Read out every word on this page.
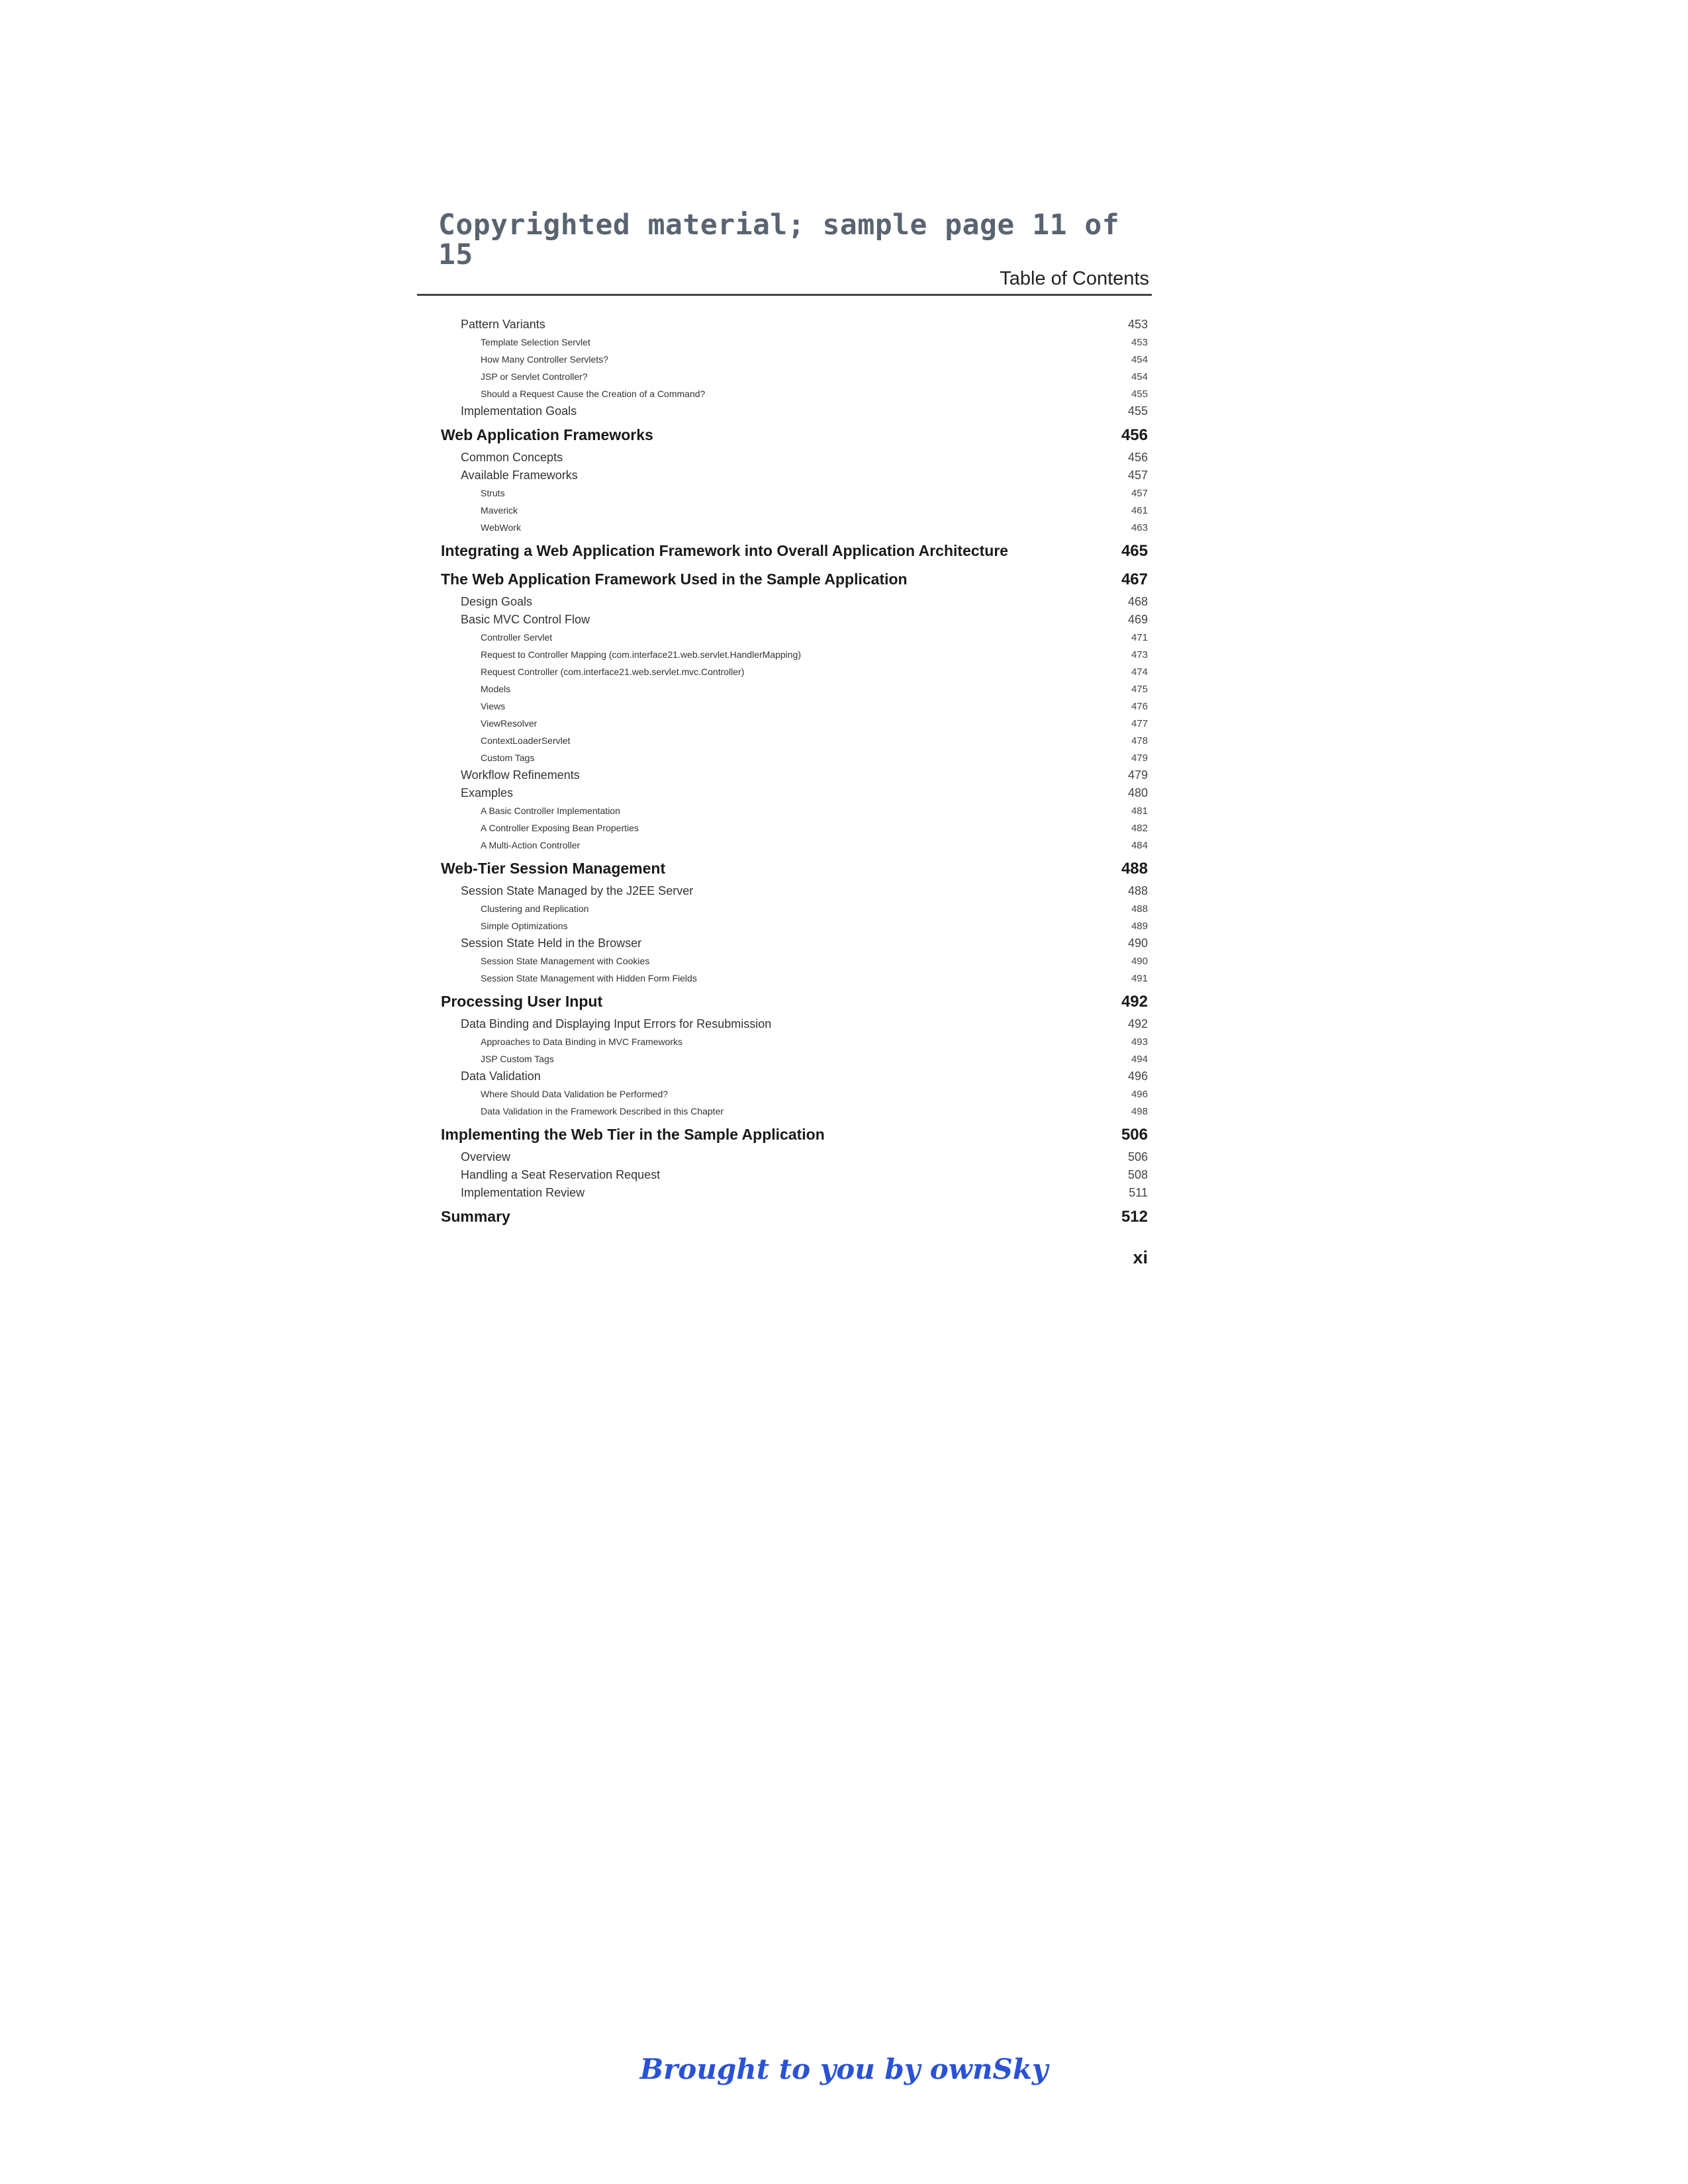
Copyrighted material; sample page 11 of 15
Table of Contents
Pattern Variants	453
Template Selection Servlet	453
How Many Controller Servlets?	454
JSP or Servlet Controller?	454
Should a Request Cause the Creation of a Command?	455
Implementation Goals	455
Web Application Frameworks	456
Common Concepts	456
Available Frameworks	457
Struts	457
Maverick	461
WebWork	463
Integrating a Web Application Framework into Overall Application Architecture	465
The Web Application Framework Used in the Sample Application	467
Design Goals	468
Basic MVC Control Flow	469
Controller Servlet	471
Request to Controller Mapping (com.interface21.web.servlet.HandlerMapping)	473
Request Controller (com.interface21.web.servlet.mvc.Controller)	474
Models	475
Views	476
ViewResolver	477
ContextLoaderServlet	478
Custom Tags	479
Workflow Refinements	479
Examples	480
A Basic Controller Implementation	481
A Controller Exposing Bean Properties	482
A Multi-Action Controller	484
Web-Tier Session Management	488
Session State Managed by the J2EE Server	488
Clustering and Replication	488
Simple Optimizations	489
Session State Held in the Browser	490
Session State Management with Cookies	490
Session State Management with Hidden Form Fields	491
Processing User Input	492
Data Binding and Displaying Input Errors for Resubmission	492
Approaches to Data Binding in MVC Frameworks	493
JSP Custom Tags	494
Data Validation	496
Where Should Data Validation be Performed?	496
Data Validation in the Framework Described in this Chapter	498
Implementing the Web Tier in the Sample Application	506
Overview	506
Handling a Seat Reservation Request	508
Implementation Review	511
Summary	512
xi
Brought to you by ownSky
